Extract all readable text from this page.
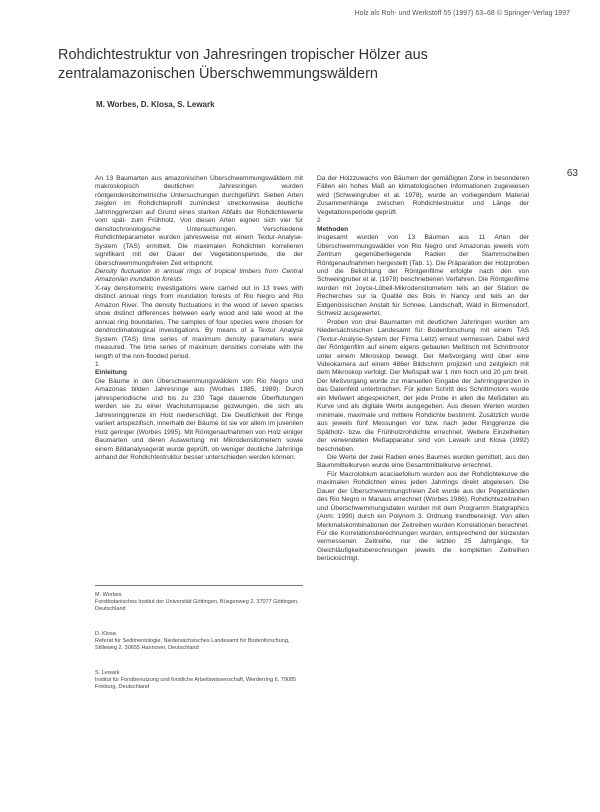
Holz als Roh- und Werkstoff 55 (1997) 63–68 © Springer-Verlag 1997
63
Rohdichtestruktur von Jahresringen tropischer Hölzer aus zentralamazonischen Überschwemmungswäldern
M. Worbes, D. Klosa, S. Lewark

An 13 Baumarten aus amazonischen Überschwemmungswäldern mit makroskopisch deutlichen Jahresringen wurden röntgendensitometrische Untersuchungen durchgeführt. Sieben Arten zeigten im Rohdichteprofil zumindest streckenweise deutliche Jahrringgrenzen auf Grund eines starken Abfalls der Rohdichtewerte vom spät- zum Frühholz. Von diesen Arten eignen sich vier für densitochronologische Untersuchungen. Verschiedene Rohdichteparameter wurden jahresweise mit einem Textur-Analyse-System (TAS) ermittelt. Die maximalen Rohdichten korrelieren signifikant mit der Dauer der Vegetationsperiode, die der überschwemmungsfreien Zeit entspricht.

Density fluctuation in annual rings of tropical timbers from Central Amazonian inundation forests

X-ray densitometric investigations were carried out in 13 trees with distinct annual rings from inundation forests of Rio Negro and Rio Amazon River. The density fluctuations in the wood of seven species show distinct differences between early wood and late wood at the annual ring boundaries. The samples of four species were chosen for dendroclimatological investigations. By means of a Textur Analyse System (TAS) time series of maximum density parameters were measured. The time series of maximum densities correlate with the length of the non-flooded period.

1

Einleitung

Die Bäume in den Überschwemmungswäldern von Rio Negro und Amazonas bilden Jahresringe aus (Worbes 1985, 1989). Durch jahresperiodische und bis zu 230 Tage dauernde Überflutungen werden sie zu einer Wachstumspause gezwungen, die sich als Jahresringgrenze im Holz niederschlägt. Die Deutlichkeit der Ringe variiert artspezifisch, innerhalb der Bäume ist sie vor allem im juvenilen Holz geringer (Worbes 1995). Mit Röntgenaufnahmen von Holz einiger Baumarten und deren Auswertung mit Mikrodensitometern sowie einem Bildanalysegerät wurde geprüft, ob weniger deutliche Jahrringe anhand der Rohdichtestruktur besser unterschieden werden können.

Da der Holzzuwachs von Bäumen der gemäßigten Zone in besonderen Fällen ein hohes Maß an klimatologischen Informationen zugewiesen wird (Schweingruber et al. 1978), wurde an vorliegendem Material Zusammenhänge zwischen Rohdichtestruktur und Länge der Vegetationsperiode geprüft.

2

Methoden

Insgesamt wurden von 13 Bäumen aus 11 Arten der Überschwemmungswälder von Rio Negro und Amazonas jeweils vom Zentrum gegenüberliegende Radien der Stammscheiben Röntgenaufnahmen hergestellt (Tab. 1). Die Präparation der Holzproben und die Belichtung der Röntgenfilme erfolgte nach den von Schweingruber et al. (1978) beschriebenen Verfahren. Die Röntgenfilme wurden mit Joyce-Löbell-Mikrodensitometern teils an der Station de Recherches sur la Qualité des Bois in Nancy und teils an der Eidgenössischen Anstalt für Schnee, Landschaft, Wald in Birmensdorf, Schweiz ausgewertet.

Proben von drei Baumarten mit deutlichen Jahrringen wurden am Niedersächsischen Landesamt für Bodenforschung mit einem TAS (Textur-Analyse-System der Firma Leitz) erneut vermessen. Dabei wird der Röntgenfilm auf einem eigens gebauten Meßtisch mit Schrittmotor unter einem Mikroskop bewegt. Der Meßvorgang wird über eine Videokamera auf einem 486er Bildschirm projiziert und zeitgleich mit dem Mikroskop verfolgt. Der Meßspalt war 1 mm hoch und 20 µm breit. Der Meßvorgang wurde zur manuellen Eingabe der Jahrringgrenzen in das Datenfeld unterbrochen. Für jeden Schritt des Schrittmotors wurde ein Meßwert abgespeichert, der jede Probe in allen die Meßdaten als Kurve und als digitale Werte ausgegeben. Aus diesen Werten wurden minimale, maximale und mittlere Rohdichte bestimmt. Zusätzlich wurde aus jeweils fünf Messungen vor bzw. nach jeder Ringgrenze die Spätholz- bzw. die Frühholzrohdichte errechnet. Weitere Einzelheiten der verwendeten Meßapparatur sind von Lewark und Klosa (1992) beschrieben.

Die Werte der zwei Radien eines Baumes wurden gemittelt, aus den Baummittelkurven wurde eine Gesamtmittelkurve errechnet.

Für Macrolobium acaciaefolium wurden aus der Rohdichtekurve die maximalen Rohdichten eines jeden Jahrrings direkt abgelesen. Die Dauer der Überschwemmungsfreien Zeit wurde aus der Pegelständen des Rio Negro in Manaus errechnet (Worbes 1986). Rohdichtezeitreihen und Überschwemmungsdaten wurden mit dem Programm Statgraphics (Anm: 1990) durch ein Polynom 3. Ordnung trendbereinigt. Von allen Merkmalskombinationen der Zeitreihen wurden Korrelationen berechnet. Für die Korrelationsberechnungen wurden, entsprechend der kürzesten vermessenen Zeitreihe, nur die letzten 25 Jahrgänge, für Gleichläufigkeitsberechnungen jeweils die kompletten Zeitreihen berücksichtigt.

M. Worbes
Forstbotanisches Institut der Universität Göttingen, Büsgenweg 2, 37077 Göttingen, Deutschland
D. Klosa
Referat für Sedimentologie, Niedersächsisches Landesamt für Bodenforschung, Stilleweg 2, 30655 Hannover, Deutschland
S. Lewark
Institut für Forstbenutzung und forstliche Arbeitswissenschaft, Werderring 6, 79085 Freiburg, Deutschland
